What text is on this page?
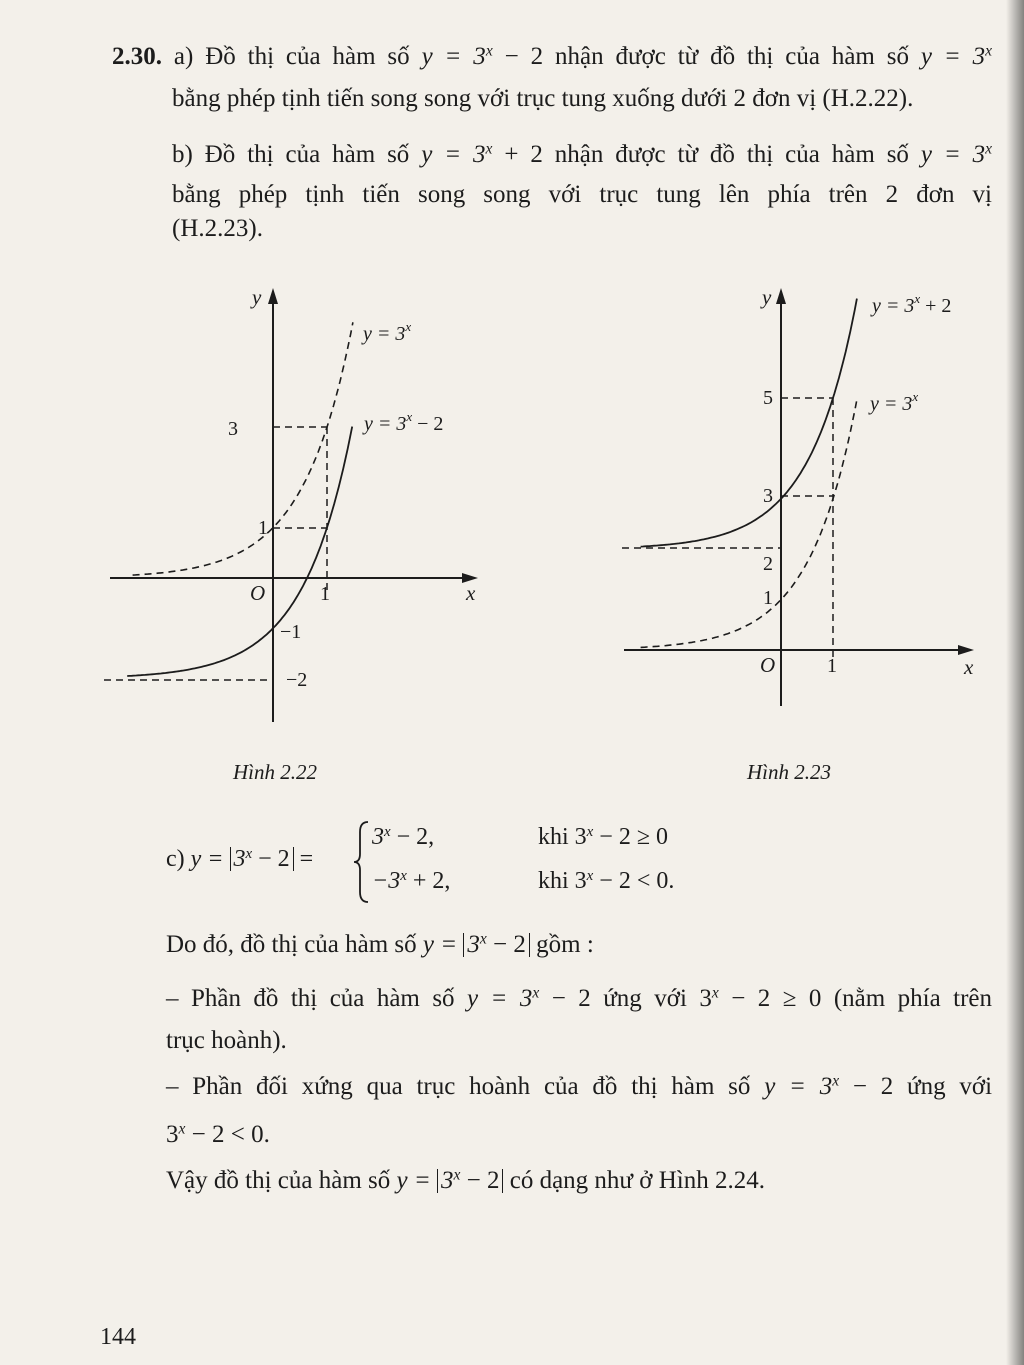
2.30. a) Đồ thị của hàm số $y = 3^x - 2$ nhận được từ đồ thị của hàm số $y = 3^x$
bằng phép tịnh tiến song song với trục tung xuống dưới 2 đơn vị (H.2.22).
b) Đồ thị của hàm số $y = 3^x + 2$ nhận được từ đồ thị của hàm số $y = 3^x$
bằng phép tịnh tiến song song với trục tung lên phía trên 2 đơn vị
(H.2.23).
y
x
O
3
1
−1
−2
1
$y = 3^x$
$y = 3^x - 2$
Hình 2.22
y
x
O
5
3
2
1
1
$y = 3^x + 2$
$y = 3^x$
Hình 2.23
c) $y = 3^x - 2$ =
$3^x - 2$,
$-3^x + 2$,
khi $3^x - 2 \ge 0$
khi $3^x - 2 < 0$.
Do đó, đồ thị của hàm số $y = 3^x - 2$ gồm :
– Phần đồ thị của hàm số $y = 3^x - 2$ ứng với $3^x - 2 \ge 0$ (nằm phía trên
trục hoành).
– Phần đối xứng qua trục hoành của đồ thị hàm số $y = 3^x - 2$ ứng với
$3^x - 2 < 0$.
Vậy đồ thị của hàm số $y = 3^x - 2$ có dạng như ở Hình 2.24.
144
